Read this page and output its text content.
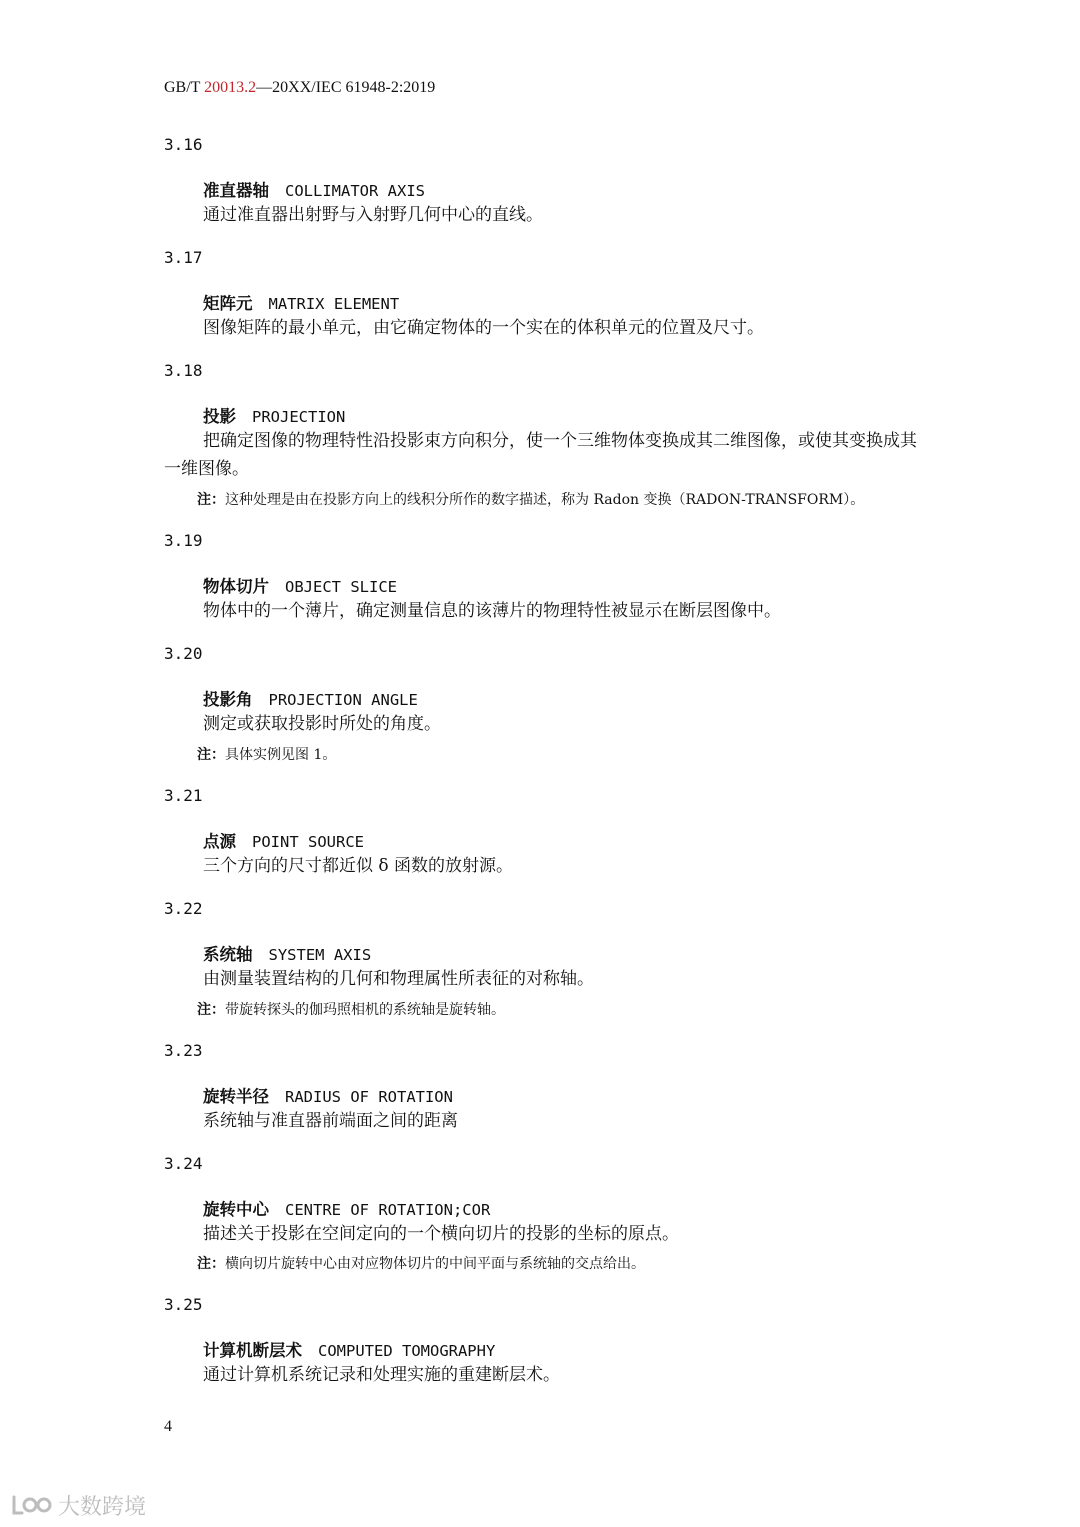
GB/T 20013.2—20XX/IEC 61948-2:2019
3.16
准直器轴 COLLIMATOR AXIS
通过准直器出射野与入射野几何中心的直线。
3.17
矩阵元 MATRIX ELEMENT
图像矩阵的最小单元，由它确定物体的一个实在的体积单元的位置及尺寸。
3.18
投影 PROJECTION
把确定图像的物理特性沿投影束方向积分，使一个三维物体变换成其二维图像，或使其变换成其一维图像。
注：这种处理是由在投影方向上的线积分所作的数字描述，称为 Radon 变换（RADON-TRANSFORM）。
3.19
物体切片 OBJECT SLICE
物体中的一个薄片，确定测量信息的该薄片的物理特性被显示在断层图像中。
3.20
投影角 PROJECTION ANGLE
测定或获取投影时所处的角度。
注：具体实例见图 1。
3.21
点源 POINT SOURCE
三个方向的尺寸都近似 δ 函数的放射源。
3.22
系统轴 SYSTEM AXIS
由测量装置结构的几何和物理属性所表征的对称轴。
注：带旋转探头的伽玛照相机的系统轴是旋转轴。
3.23
旋转半径 RADIUS OF ROTATION
系统轴与准直器前端面之间的距离
3.24
旋转中心 CENTRE OF ROTATION;COR
描述关于投影在空间定向的一个横向切片的投影的坐标的原点。
注：横向切片旋转中心由对应物体切片的中间平面与系统轴的交点给出。
3.25
计算机断层术 COMPUTED TOMOGRAPHY
通过计算机系统记录和处理实施的重建断层术。
4
大数跨境
